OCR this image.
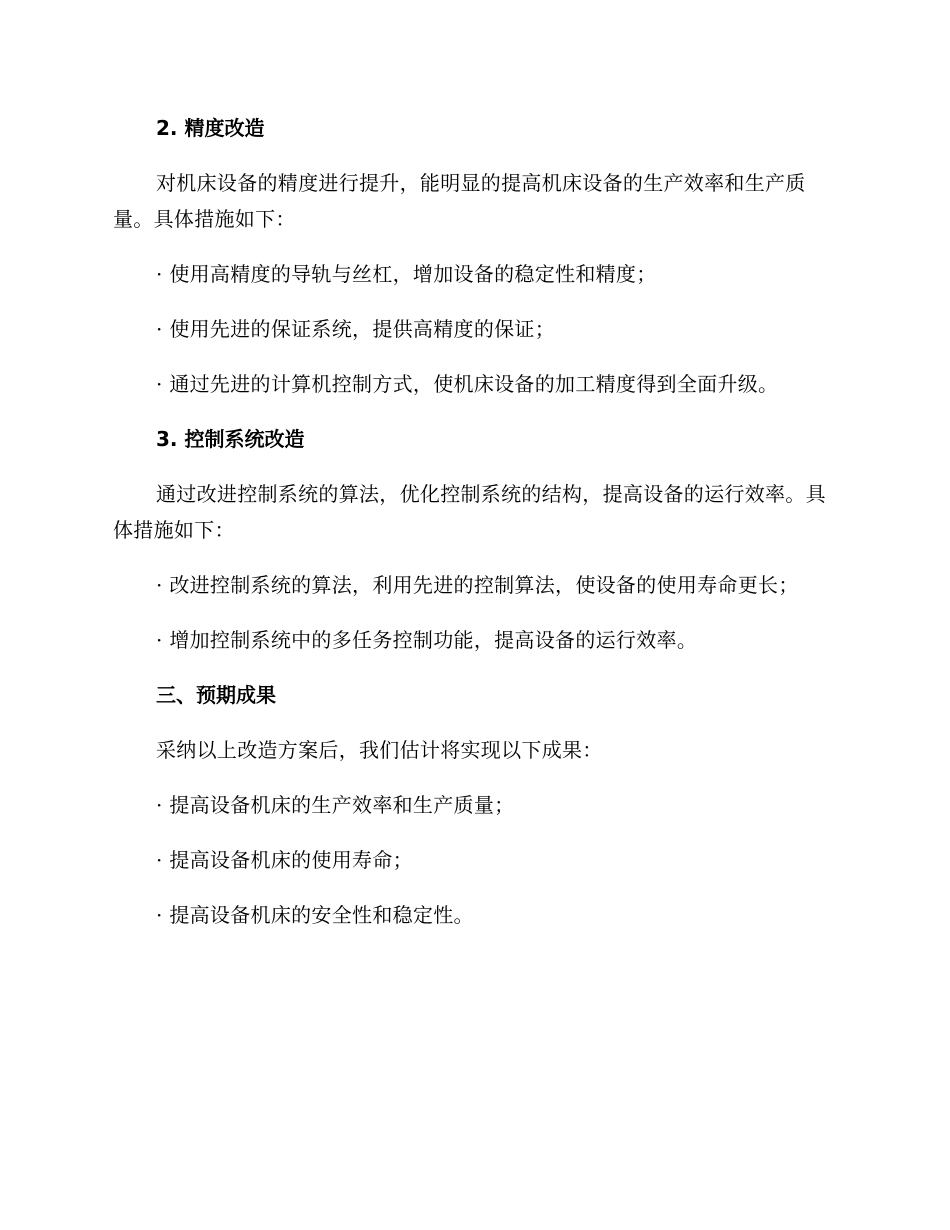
2. 精度改造

对机床设备的精度进行提升，能明显的提高机床设备的生产效率和生产质量。具体措施如下：

· 使用高精度的导轨与丝杠，增加设备的稳定性和精度；

· 使用先进的保证系统，提供高精度的保证；

· 通过先进的计算机控制方式，使机床设备的加工精度得到全面升级。

3. 控制系统改造

通过改进控制系统的算法，优化控制系统的结构，提高设备的运行效率。具体措施如下：

· 改进控制系统的算法，利用先进的控制算法，使设备的使用寿命更长；

· 增加控制系统中的多任务控制功能，提高设备的运行效率。

三、预期成果

采纳以上改造方案后，我们估计将实现以下成果：

· 提高设备机床的生产效率和生产质量；

· 提高设备机床的使用寿命；

· 提高设备机床的安全性和稳定性。
